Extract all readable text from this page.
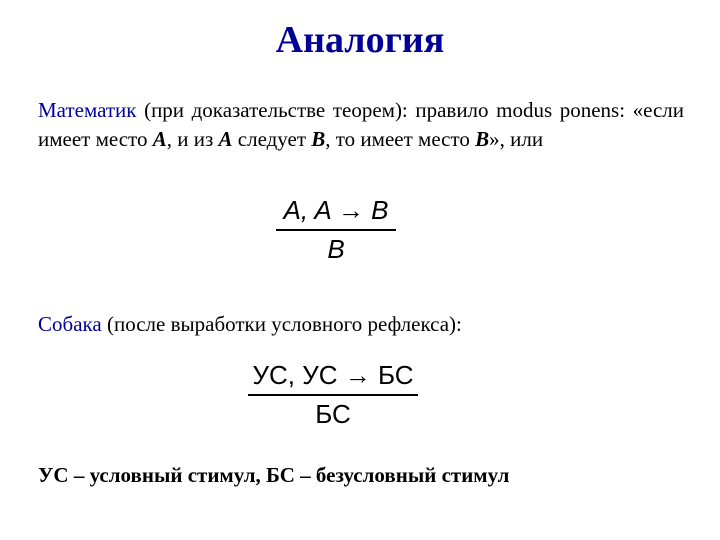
Аналогия
Математик (при доказательстве теорем): правило modus ponens: «если имеет место A, и из A следует B, то имеет место B», или
A, A → B
B
Собака (после выработки условного рефлекса):
УС, УС → БС
БС
УС – условный стимул, БС – безусловный стимул
